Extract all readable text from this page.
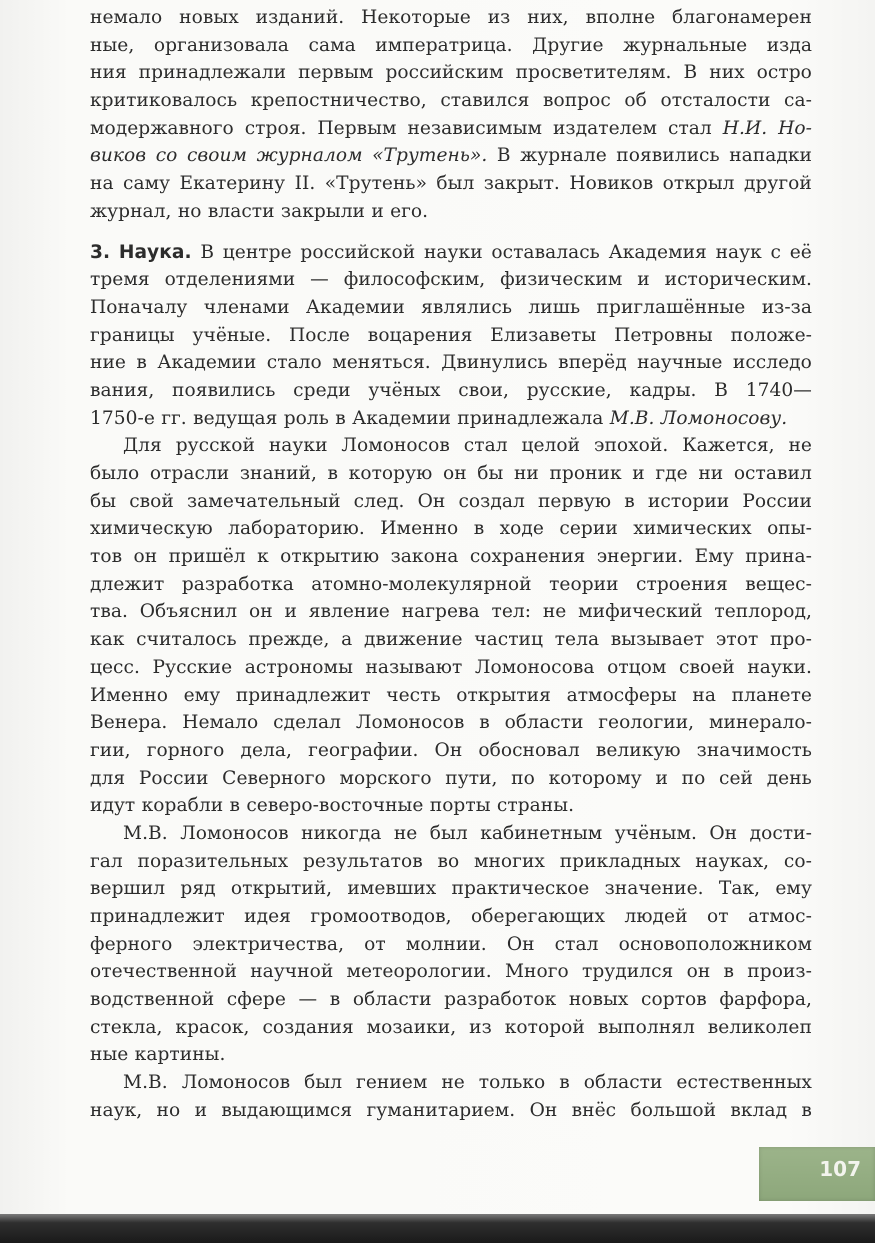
немало новых изданий. Некоторые из них, вполне благонамерен
ные, организовала сама императрица. Другие журнальные изда
ния принадлежали первым российским просветителям. В них остро
критиковалось крепостничество, ставился вопрос об отсталости са-
модержавного строя. Первым независимым издателем стал Н.И. Но-
виков со своим журналом «Трутень». В журнале появились нападки
на саму Екатерину II. «Трутень» был закрыт. Новиков открыл другой
журнал, но власти закрыли и его.
3. Наука. В центре российской науки оставалась Академия наук с её
тремя отделениями — философским, физическим и историческим.
Поначалу членами Академии являлись лишь приглашённые из-за
границы учёные. После воцарения Елизаветы Петровны положе-
ние в Академии стало меняться. Двинулись вперёд научные исследо
вания, появились среди учёных свои, русские, кадры. В 1740—
1750-е гг. ведущая роль в Академии принадлежала М.В. Ломоносову.
Для русской науки Ломоносов стал целой эпохой. Кажется, не
было отрасли знаний, в которую он бы ни проник и где ни оставил
бы свой замечательный след. Он создал первую в истории России
химическую лабораторию. Именно в ходе серии химических опы-
тов он пришёл к открытию закона сохранения энергии. Ему прина-
длежит разработка атомно-молекулярной теории строения вещес-
тва. Объяснил он и явление нагрева тел: не мифический теплород,
как считалось прежде, а движение частиц тела вызывает этот про-
цесс. Русские астрономы называют Ломоносова отцом своей науки.
Именно ему принадлежит честь открытия атмосферы на планете
Венера. Немало сделал Ломоносов в области геологии, минерало-
гии, горного дела, географии. Он обосновал великую значимость
для России Северного морского пути, по которому и по сей день
идут корабли в северо-восточные порты страны.
М.В. Ломоносов никогда не был кабинетным учёным. Он дости-
гал поразительных результатов во многих прикладных науках, со-
вершил ряд открытий, имевших практическое значение. Так, ему
принадлежит идея громоотводов, оберегающих людей от атмос-
ферного электричества, от молнии. Он стал основоположником
отечественной научной метеорологии. Много трудился он в произ-
водственной сфере — в области разработок новых сортов фарфора,
стекла, красок, создания мозаики, из которой выполнял великолеп
ные картины.
М.В. Ломоносов был гением не только в области естественных
наук, но и выдающимся гуманитарием. Он внёс большой вклад в
107
